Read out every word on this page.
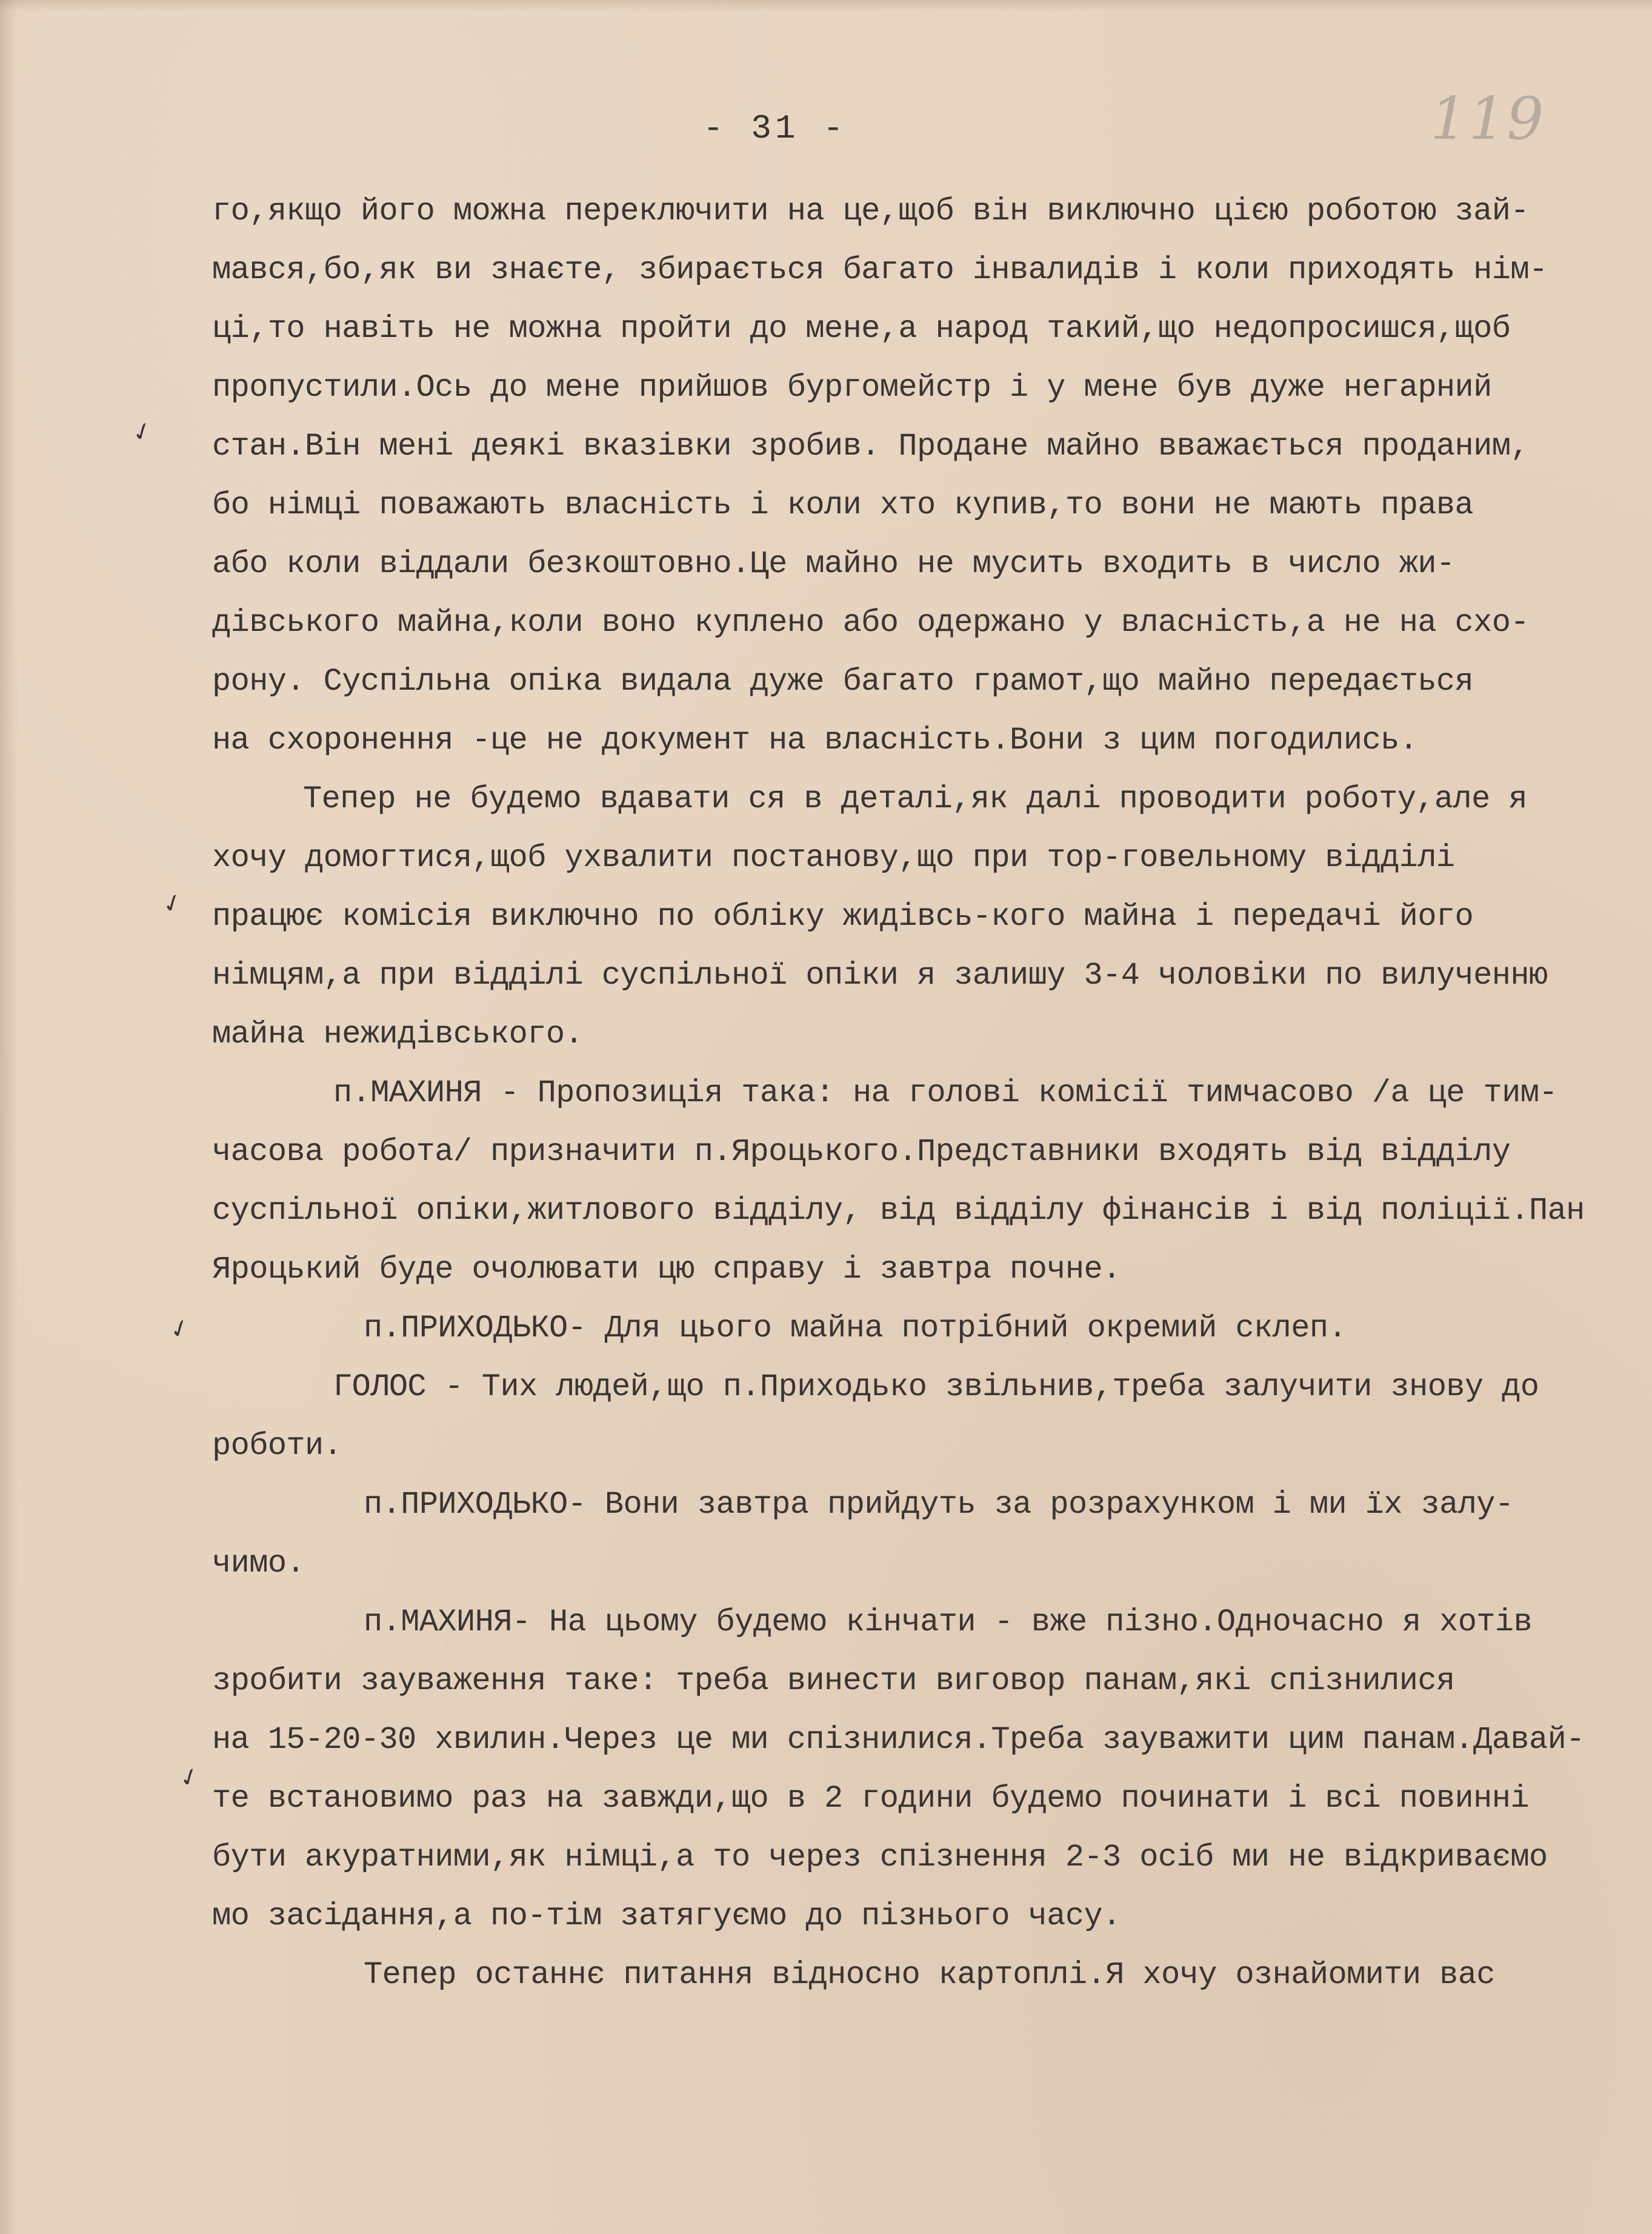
- 31 -	119
✓
✓
✓
✓
го,якщо його можна переключити на це,щоб він виключно цією роботою зай-
мався,бо,як ви знаєте, збирається багато інвалидів і коли приходять нім-
ці,то навіть не можна пройти до мене,а народ такий,що недопросишся,щоб
пропустили.Ось до мене прийшов бургомейстр і у мене був дуже негарний
стан.Він мені деякі вказівки зробив. Продане майно вважається проданим,
бо німці поважають власність і коли хто купив,то вони не мають права
або коли віддали безкоштовно.Це майно не мусить входить в число жи-
дівського майна,коли воно куплено або одержано у власність,а не на схо-
рону. Суспільна опіка видала дуже багато грамот,що майно передається
на схоронення -це не документ на власність.Вони з цим погодились.
Тепер не будемо вдавати ся в деталі,як далі проводити роботу,але я
хочу домогтися,щоб ухвалити постанову,що при тор-говельному відділі
працює комісія виключно по обліку жидівсь-кого майна і передачі його
німцям,а при відділі суспільної опіки я залишу 3-4 чоловіки по вилученню
майна нежидівського.
п.МАХИНЯ - Пропозиція така: на голові комісії тимчасово /а це тим-
часова робота/ призначити п.Яроцького.Представники входять від відділу
суспільної опіки,житлового відділу, від відділу фінансів і від поліції.Пан
Яроцький буде очолювати цю справу і завтра почне.
п.ПРИХОДЬКО- Для цього майна потрібний окремий склеп.
ГОЛОС - Тих людей,що п.Приходько звільнив,треба залучити знову до
роботи.
п.ПРИХОДЬКО- Вони завтра прийдуть за розрахунком і ми їх залу-
чимо.
п.МАХИНЯ- На цьому будемо кінчати - вже пізно.Одночасно я хотів
зробити зауваження таке: треба винести виговор панам,які спізнилися
на 15-20-30 хвилин.Через це ми спізнилися.Треба зауважити цим панам.Давай-
те встановимо раз на завжди,що в 2 години будемо починати і всі повинні
бути акуратними,як німці,а то через спізнення 2-3 осіб ми не відкриваємо
мо засідання,а по-тім затягуємо до пізнього часу.
Тепер останнє питання відносно картоплі.Я хочу ознайомити вас
